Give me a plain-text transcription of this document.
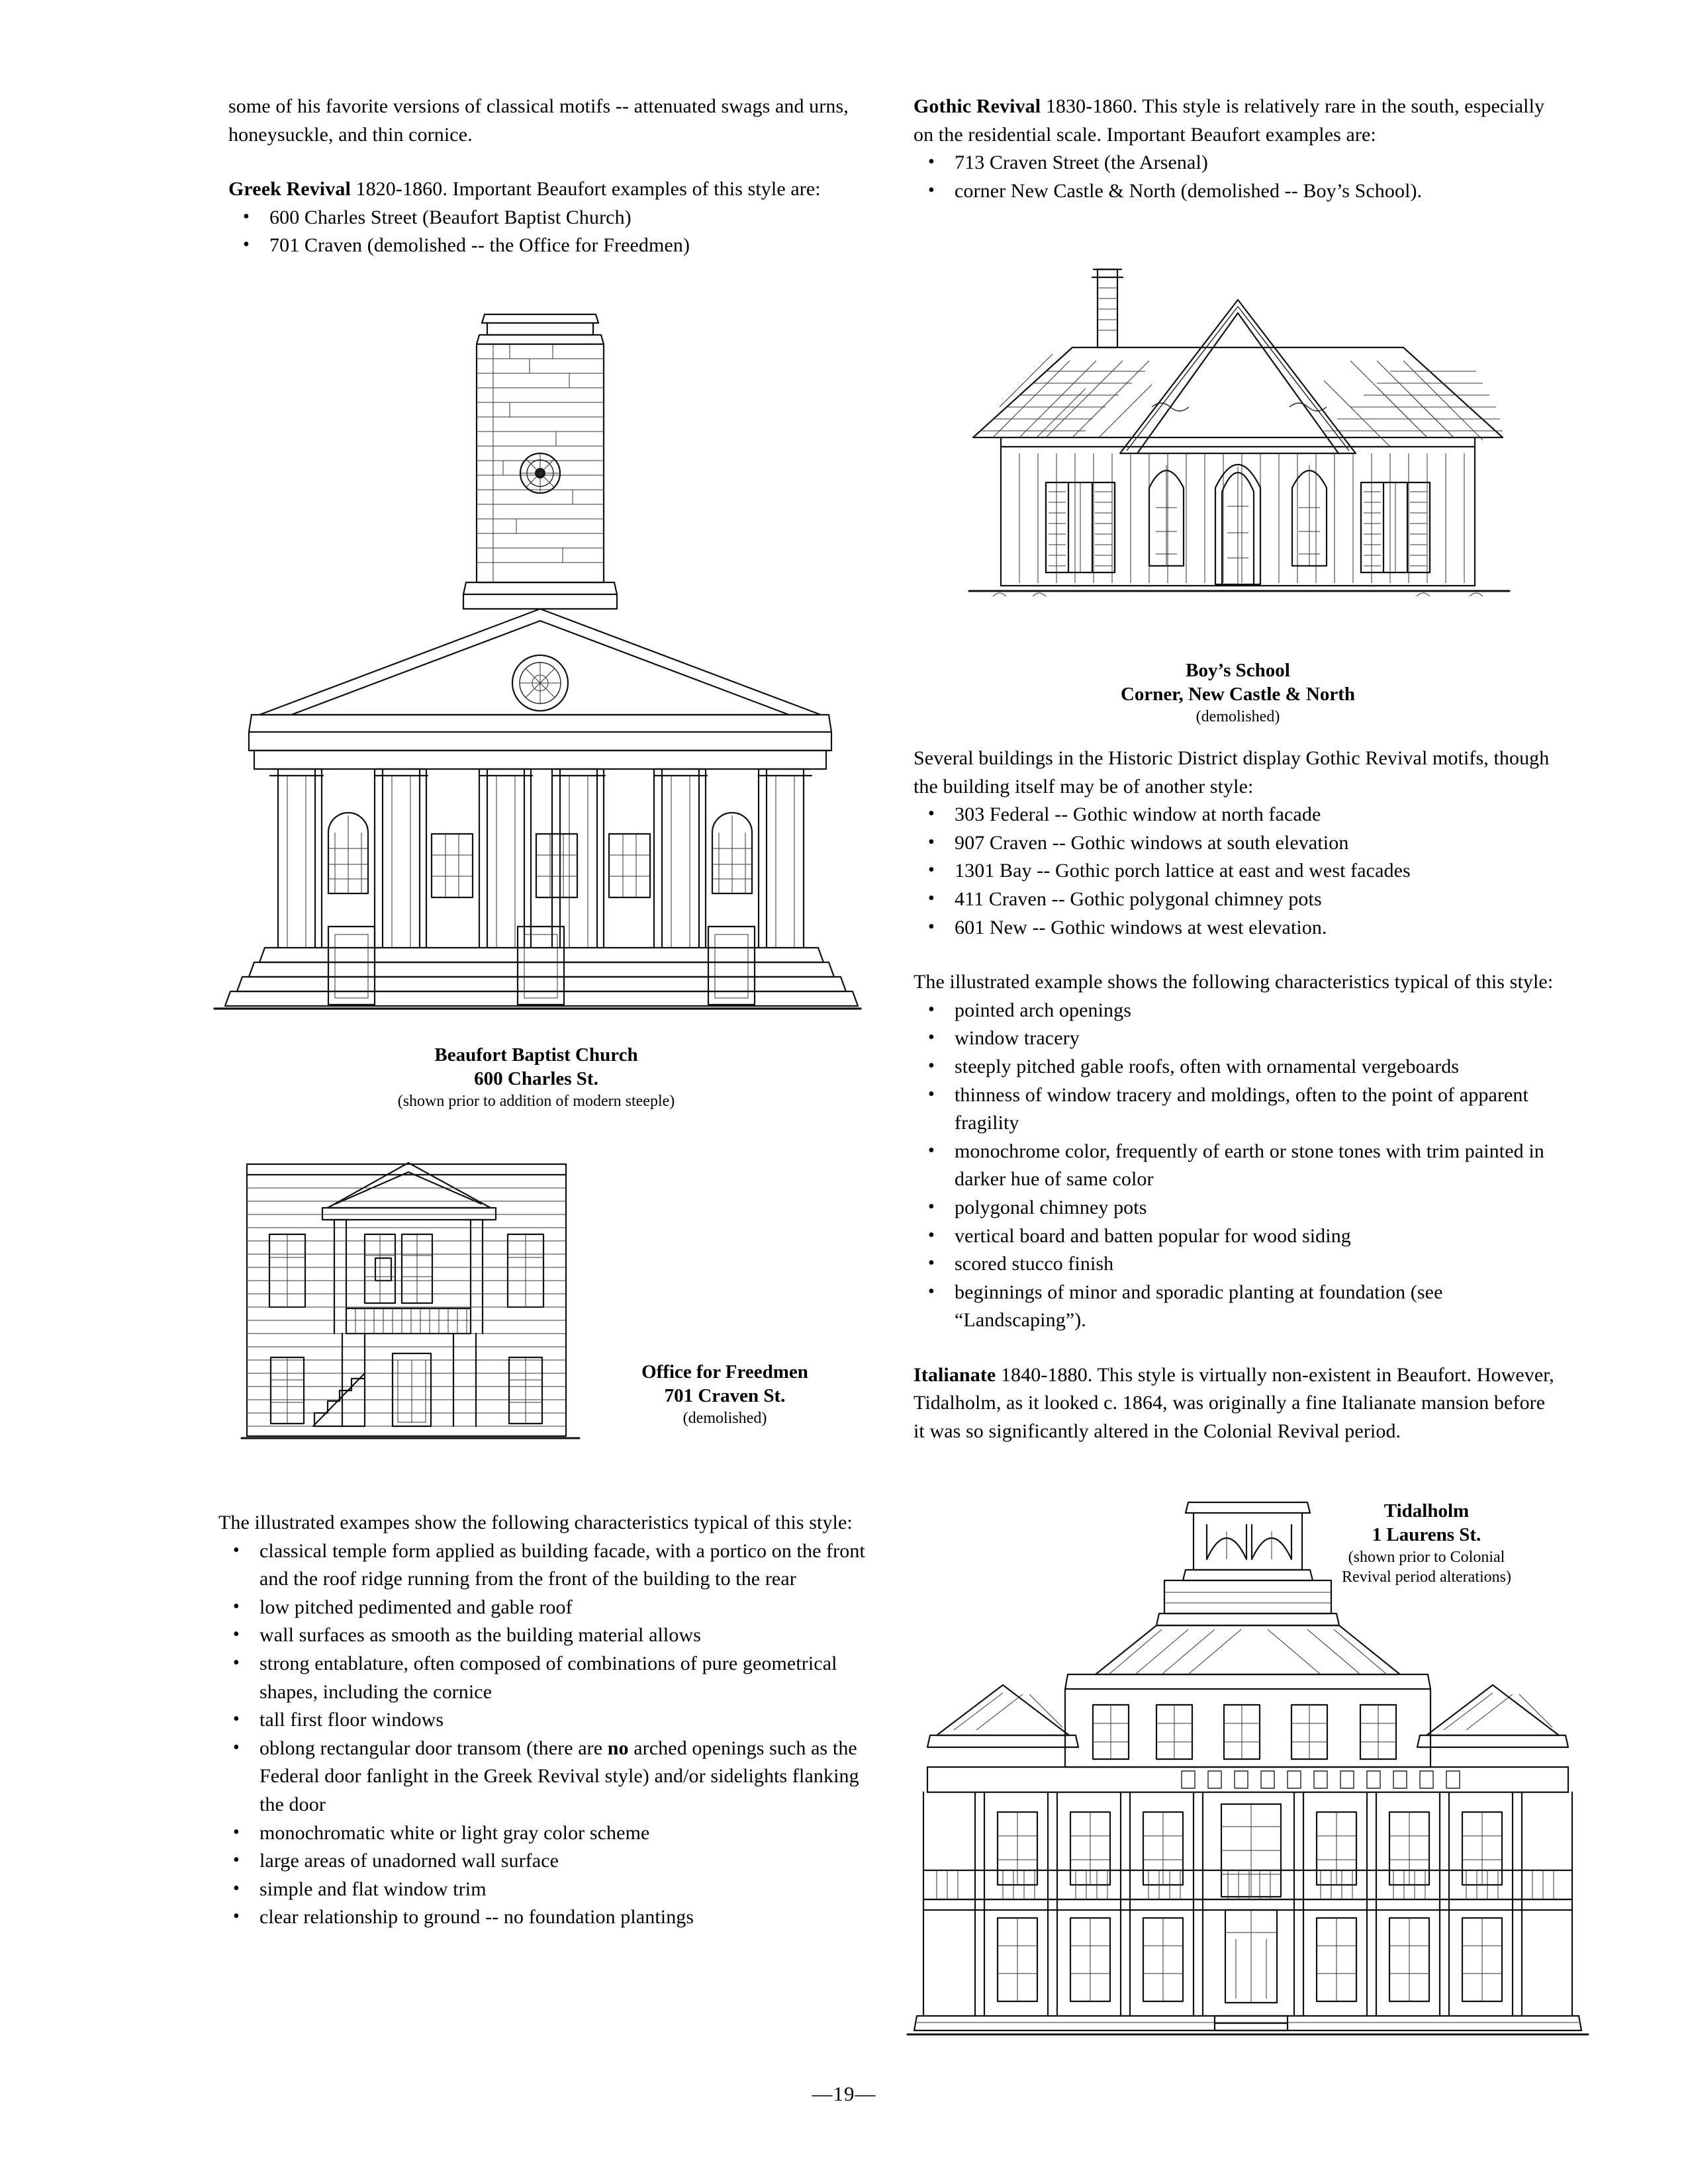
some of his favorite versions of classical motifs -- attenuated swags and urns, honeysuckle, and thin cornice.

Greek Revival 1820-1860. Important Beaufort examples of this style are:

• 600 Charles Street (Beaufort Baptist Church)
• 701 Craven (demolished -- the Office for Freedmen)
Beaufort Baptist Church
600 Charles St.
(shown prior to addition of modern steeple)
Office for Freedmen
701 Craven St.
(demolished)

The illustrated exampes show the following characteristics typical of this style:

• classical temple form applied as building facade, with a portico on the front and the roof ridge running from the front of the building to the rear
• low pitched pedimented and gable roof
• wall surfaces as smooth as the building material allows
• strong entablature, often composed of combinations of pure geometrical shapes, including the cornice
• tall first floor windows
• oblong rectangular door transom (there are no arched openings such as the Federal door fanlight in the Greek Revival style) and/or sidelights flanking the door
• monochromatic white or light gray color scheme
• large areas of unadorned wall surface
• simple and flat window trim
• clear relationship to ground -- no foundation plantings

Gothic Revival 1830-1860. This style is relatively rare in the south, especially on the residential scale. Important Beaufort examples are:

• 713 Craven Street (the Arsenal)
• corner New Castle & North (demolished -- Boy’s School).
Boy’s School
Corner, New Castle & North
(demolished)

Several buildings in the Historic District display Gothic Revival motifs, though the building itself may be of another style:

• 303 Federal -- Gothic window at north facade
• 907 Craven -- Gothic windows at south elevation
• 1301 Bay -- Gothic porch lattice at east and west facades
• 411 Craven -- Gothic polygonal chimney pots
• 601 New -- Gothic windows at west elevation.

The illustrated example shows the following characteristics typical of this style:

• pointed arch openings
• window tracery
• steeply pitched gable roofs, often with ornamental vergeboards
• thinness of window tracery and moldings, often to the point of apparent fragility
• monochrome color, frequently of earth or stone tones with trim painted in darker hue of same color
• polygonal chimney pots
• vertical board and batten popular for wood siding
• scored stucco finish
• beginnings of minor and sporadic planting at foundation (see “Landscaping”).

Italianate 1840-1880. This style is virtually non-existent in Beaufort. However, Tidalholm, as it looked c. 1864, was originally a fine Italianate mansion before it was so significantly altered in the Colonial Revival period.

Tidalholm
1 Laurens St.
(shown prior to Colonial
Revival period alterations)
—19—
